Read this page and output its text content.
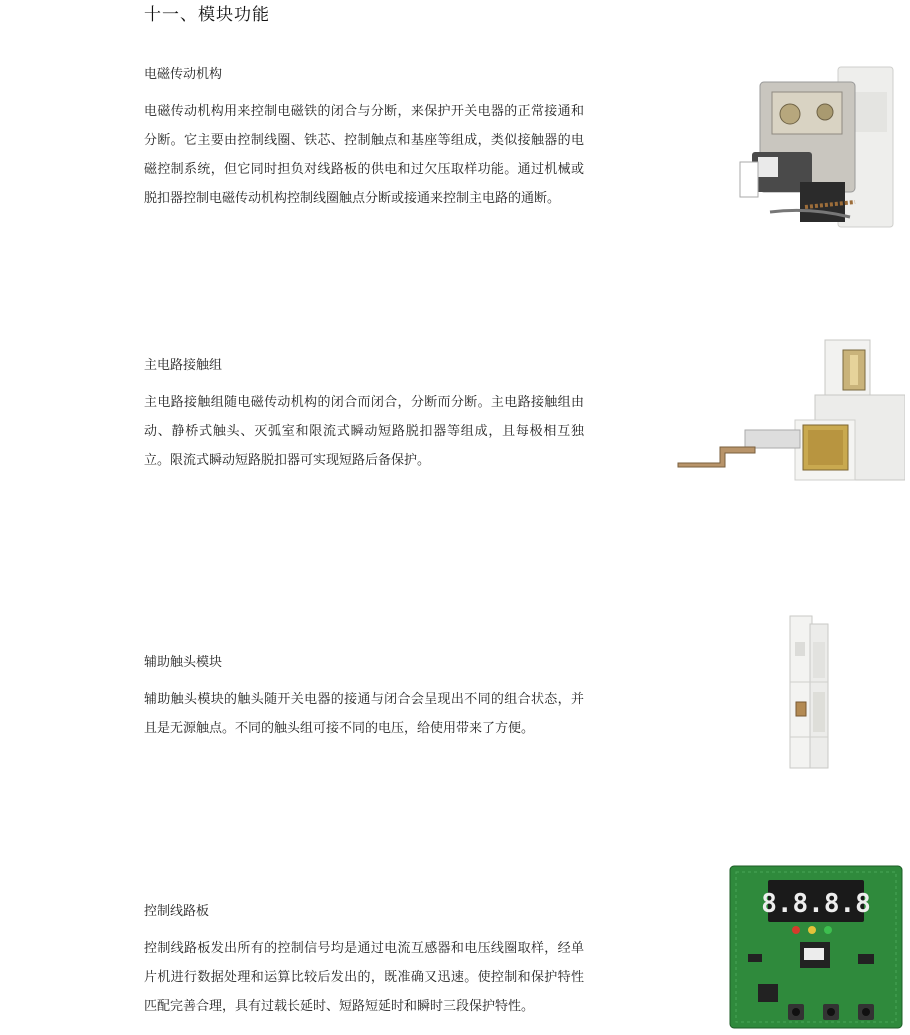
十一、模块功能
电磁传动机构

电磁传动机构用来控制电磁铁的闭合与分断，来保护开关电器的正常接通和分断。它主要由控制线圈、铁芯、控制触点和基座等组成，类似接触器的电磁控制系统，但它同时担负对线路板的供电和过欠压取样功能。通过机械或脱扣器控制电磁传动机构控制线圈触点分断或接通来控制主电路的通断。

主电路接触组

主电路接触组随电磁传动机构的闭合而闭合，分断而分断。主电路接触组由动、静桥式触头、灭弧室和限流式瞬动短路脱扣器等组成，且每极相互独立。限流式瞬动短路脱扣器可实现短路后备保护。

辅助触头模块

辅助触头模块的触头随开关电器的接通与闭合会呈现出不同的组合状态，并且是无源触点。不同的触头组可接不同的电压，给使用带来了方便。

控制线路板

控制线路板发出所有的控制信号均是通过电流互感器和电压线圈取样，经单片机进行数据处理和运算比较后发出的，既准确又迅速。使控制和保护特性匹配完善合理，具有过载长延时、短路短延时和瞬时三段保护特性。

8.8.8.8
